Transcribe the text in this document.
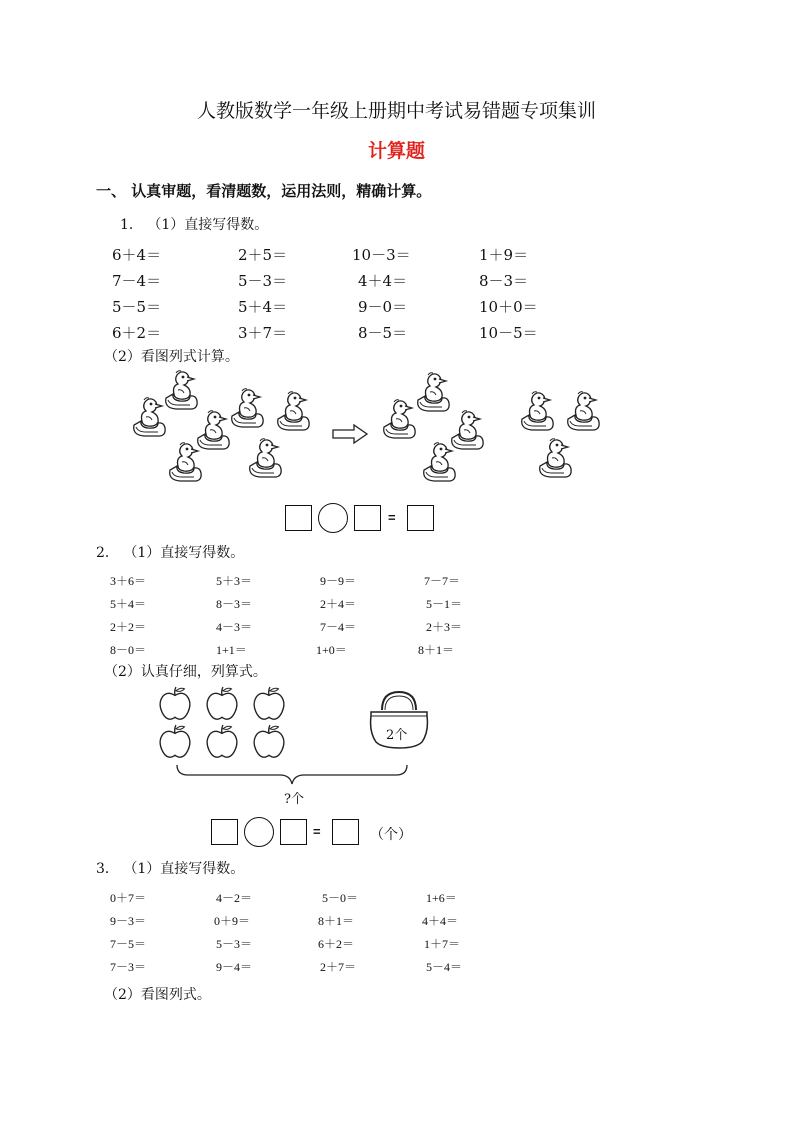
人教版数学一年级上册期中考试易错题专项集训
计算题
一、 认真审题，看清题数，运用法则，精确计算。
1． （1）直接写得数。
6＋4＝	2＋5＝	10－3＝	1＋9＝
7－4＝	5－3＝	4＋4＝	8－3＝
5－5＝	5＋4＝	9－0＝	10＋0＝
6＋2＝	3＋7＝	8－5＝	10－5＝
（2）看图列式计算。
=
2． （1）直接写得数。
3＋6＝	5＋3＝	9－9＝	7－7＝
5＋4＝	8－3＝	2＋4＝	5－1＝
2＋2＝	4－3＝	7－4＝	2＋3＝
8－0＝	1+1＝	1+0＝	8＋1＝
（2）认真仔细，列算式。
2个
?个
=	（个）
3． （1）直接写得数。
0＋7＝	4－2＝	5－0＝	1+6＝
9－3＝	0＋9＝	8＋1＝	4＋4＝
7－5＝	5－3＝	6＋2＝	1＋7＝
7－3＝	9－4＝	2＋7＝	5－4＝
（2）看图列式。
